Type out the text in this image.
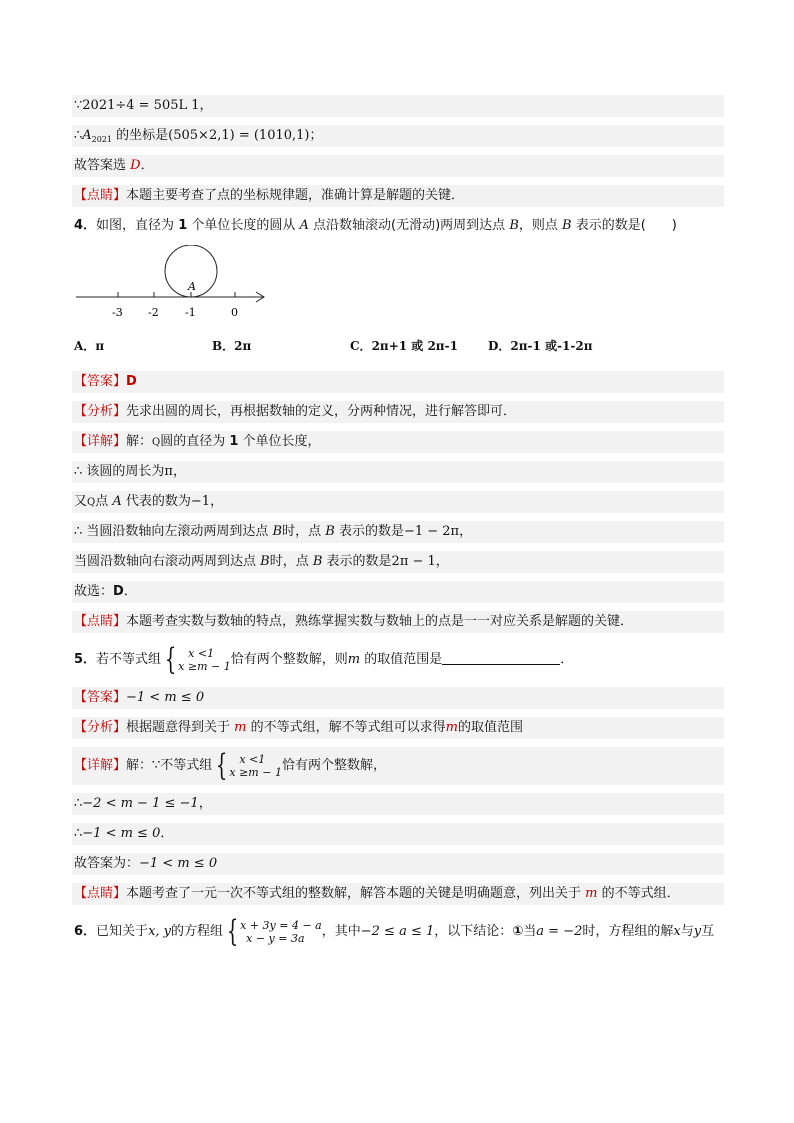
∵2021÷4 = 505L 1，
$\therefore A_{2021}$ 的坐标是(505×2,1) = (1010,1)；
故答案选 D．
【点睛】本题主要考查了点的坐标规律题，准确计算是解题的关键．
4．如图，直径为 1 个单位长度的圆从 A 点沿数轴滚动(无滑动)两周到达点 B，则点 B 表示的数是( )
A
-3 -2 -1	0
A．π	B．2π	C．2π+1 或 2π-1	D．2π-1 或-1-2π
【答案】D
【分析】先求出圆的周长，再根据数轴的定义，分两种情况，进行解答即可．
【详解】解：Q圆的直径为 1 个单位长度，
∴ 该圆的周长为π，
又Q点 A 代表的数为−1，
∴ 当圆沿数轴向左滚动两周到达点 B时，点 B 表示的数是−1 − 2π，
当圆沿数轴向右滚动两周到达点 B时，点 B 表示的数是2π − 1，
故选：D．
【点睛】本题考查实数与数轴的特点，熟练掌握实数与数轴上的点是一一对应关系是解题的关键．
5．若不等式组 {	x <1
x ≥m − 1 恰有两个整数解，则m 的取值范围是	．
【答案】−1 < m ≤ 0
【分析】根据题意得到关于 m 的不等式组，解不等式组可以求得m的取值范围
【详解】解：∵不等式组 {	x <1
x ≥m − 1 恰有两个整数解，
∴−2 < m − 1 ≤ −1，
∴−1 < m ≤ 0．
故答案为：−1 < m ≤ 0
【点睛】本题考查了一元一次不等式组的整数解，解答本题的关键是明确题意，列出关于 m 的不等式组．
6．已知关于x, y的方程组 { x + 3y = 4 − a
x − y = 3a	，其中−2 ≤ a ≤ 1，以下结论：①当a = −2时，方程组的解x与y互
